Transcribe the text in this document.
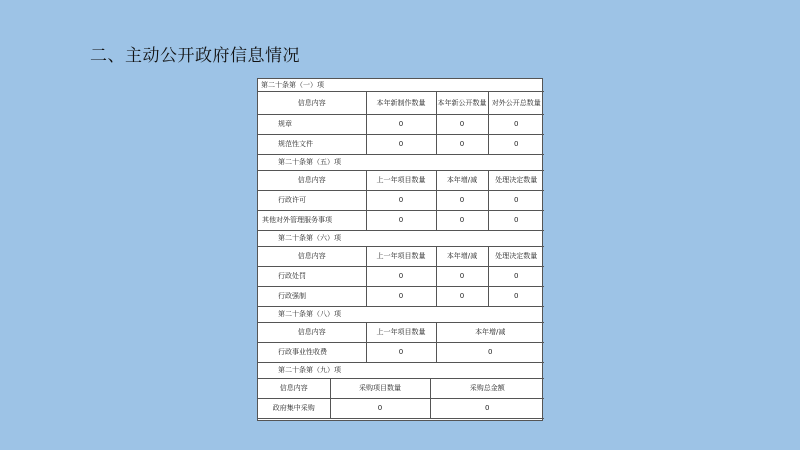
二、主动公开政府信息情况
第二十条第（一）项			
信息内容	本年新制作数量	本年新公开数量	对外公开总数量
规章	0	0	0
规范性文件	0	0	0
第二十条第（五）项			
信息内容	上一年项目数量	本年增/减	处理决定数量
行政许可	0	0	0
其他对外管理服务事项	0	0	0
第二十条第（六）项			
信息内容	上一年项目数量	本年增/减	处理决定数量
行政处罚	0	0	0
行政强制	0	0	0
第二十条第（八）项			
信息内容	上一年项目数量	本年增/减	
行政事业性收费	0	0	
第二十条第（九）项			
信息内容	采购项目数量	采购总金额
政府集中采购	0	0
